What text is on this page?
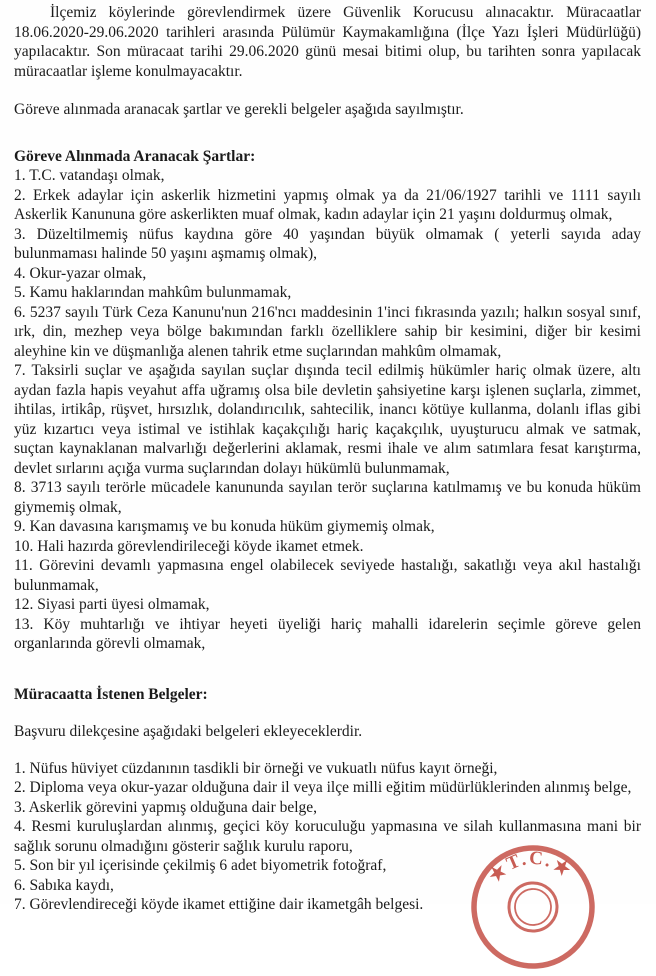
İlçemiz köylerinde görevlendirmek üzere Güvenlik Korucusu alınacaktır. Müracaatlar 18.06.2020-29.06.2020 tarihleri arasında Pülümür Kaymakamlığına (İlçe Yazı İşleri Müdürlüğü) yapılacaktır. Son müracaat tarihi 29.06.2020 günü mesai bitimi olup, bu tarihten sonra yapılacak müracaatlar işleme konulmayacaktır.

Göreve alınmada aranacak şartlar ve gerekli belgeler aşağıda sayılmıştır.

Göreve Alınmada Aranacak Şartlar:

1. T.C. vatandaşı olmak,

2. Erkek adaylar için askerlik hizmetini yapmış olmak ya da 21/06/1927 tarihli ve 1111 sayılı Askerlik Kanununa göre askerlikten muaf olmak, kadın adaylar için 21 yaşını doldurmuş olmak,

3. Düzeltilmemiş nüfus kaydına göre 40 yaşından büyük olmamak ( yeterli sayıda aday bulunmaması halinde 50 yaşını aşmamış olmak),

4. Okur-yazar olmak,

5. Kamu haklarından mahkûm bulunmamak,

6. 5237 sayılı Türk Ceza Kanunu'nun 216'ncı maddesinin 1'inci fıkrasında yazılı; halkın sosyal sınıf, ırk, din, mezhep veya bölge bakımından farklı özelliklere sahip bir kesimini, diğer bir kesimi aleyhine kin ve düşmanlığa alenen tahrik etme suçlarından mahkûm olmamak,

7. Taksirli suçlar ve aşağıda sayılan suçlar dışında tecil edilmiş hükümler hariç olmak üzere, altı aydan fazla hapis veyahut affa uğramış olsa bile devletin şahsiyetine karşı işlenen suçlarla, zimmet, ihtilas, irtikâp, rüşvet, hırsızlık, dolandırıcılık, sahtecilik, inancı kötüye kullanma, dolanlı iflas gibi yüz kızartıcı veya istimal ve istihlak kaçakçılığı hariç kaçakçılık, uyuşturucu almak ve satmak, suçtan kaynaklanan malvarlığı değerlerini aklamak, resmi ihale ve alım satımlara fesat karıştırma, devlet sırlarını açığa vurma suçlarından dolayı hükümlü bulunmamak,

8. 3713 sayılı terörle mücadele kanununda sayılan terör suçlarına katılmamış ve bu konuda hüküm giymemiş olmak,

9. Kan davasına karışmamış ve bu konuda hüküm giymemiş olmak,

10. Hali hazırda görevlendirileceği köyde ikamet etmek.

11. Görevini devamlı yapmasına engel olabilecek seviyede hastalığı, sakatlığı veya akıl hastalığı bulunmamak,

12. Siyasi parti üyesi olmamak,

13. Köy muhtarlığı ve ihtiyar heyeti üyeliği hariç mahalli idarelerin seçimle göreve gelen organlarında görevli olmamak,

Müracaatta İstenen Belgeler:

Başvuru dilekçesine aşağıdaki belgeleri ekleyeceklerdir.

1. Nüfus hüviyet cüzdanının tasdikli bir örneği ve vukuatlı nüfus kayıt örneği,

2. Diploma veya okur-yazar olduğuna dair il veya ilçe milli eğitim müdürlüklerinden alınmış belge,

3. Askerlik görevini yapmış olduğuna dair belge,

4. Resmi kuruluşlardan alınmış, geçici köy koruculuğu yapmasına ve silah kullanmasına mani bir sağlık sorunu olmadığını gösterir sağlık kurulu raporu,

5. Son bir yıl içerisinde çekilmiş 6 adet biyometrik fotoğraf,

6. Sabıka kaydı,

7. Görevlendireceği köyde ikamet ettiğine dair ikametgâh belgesi.

★T.C.★
